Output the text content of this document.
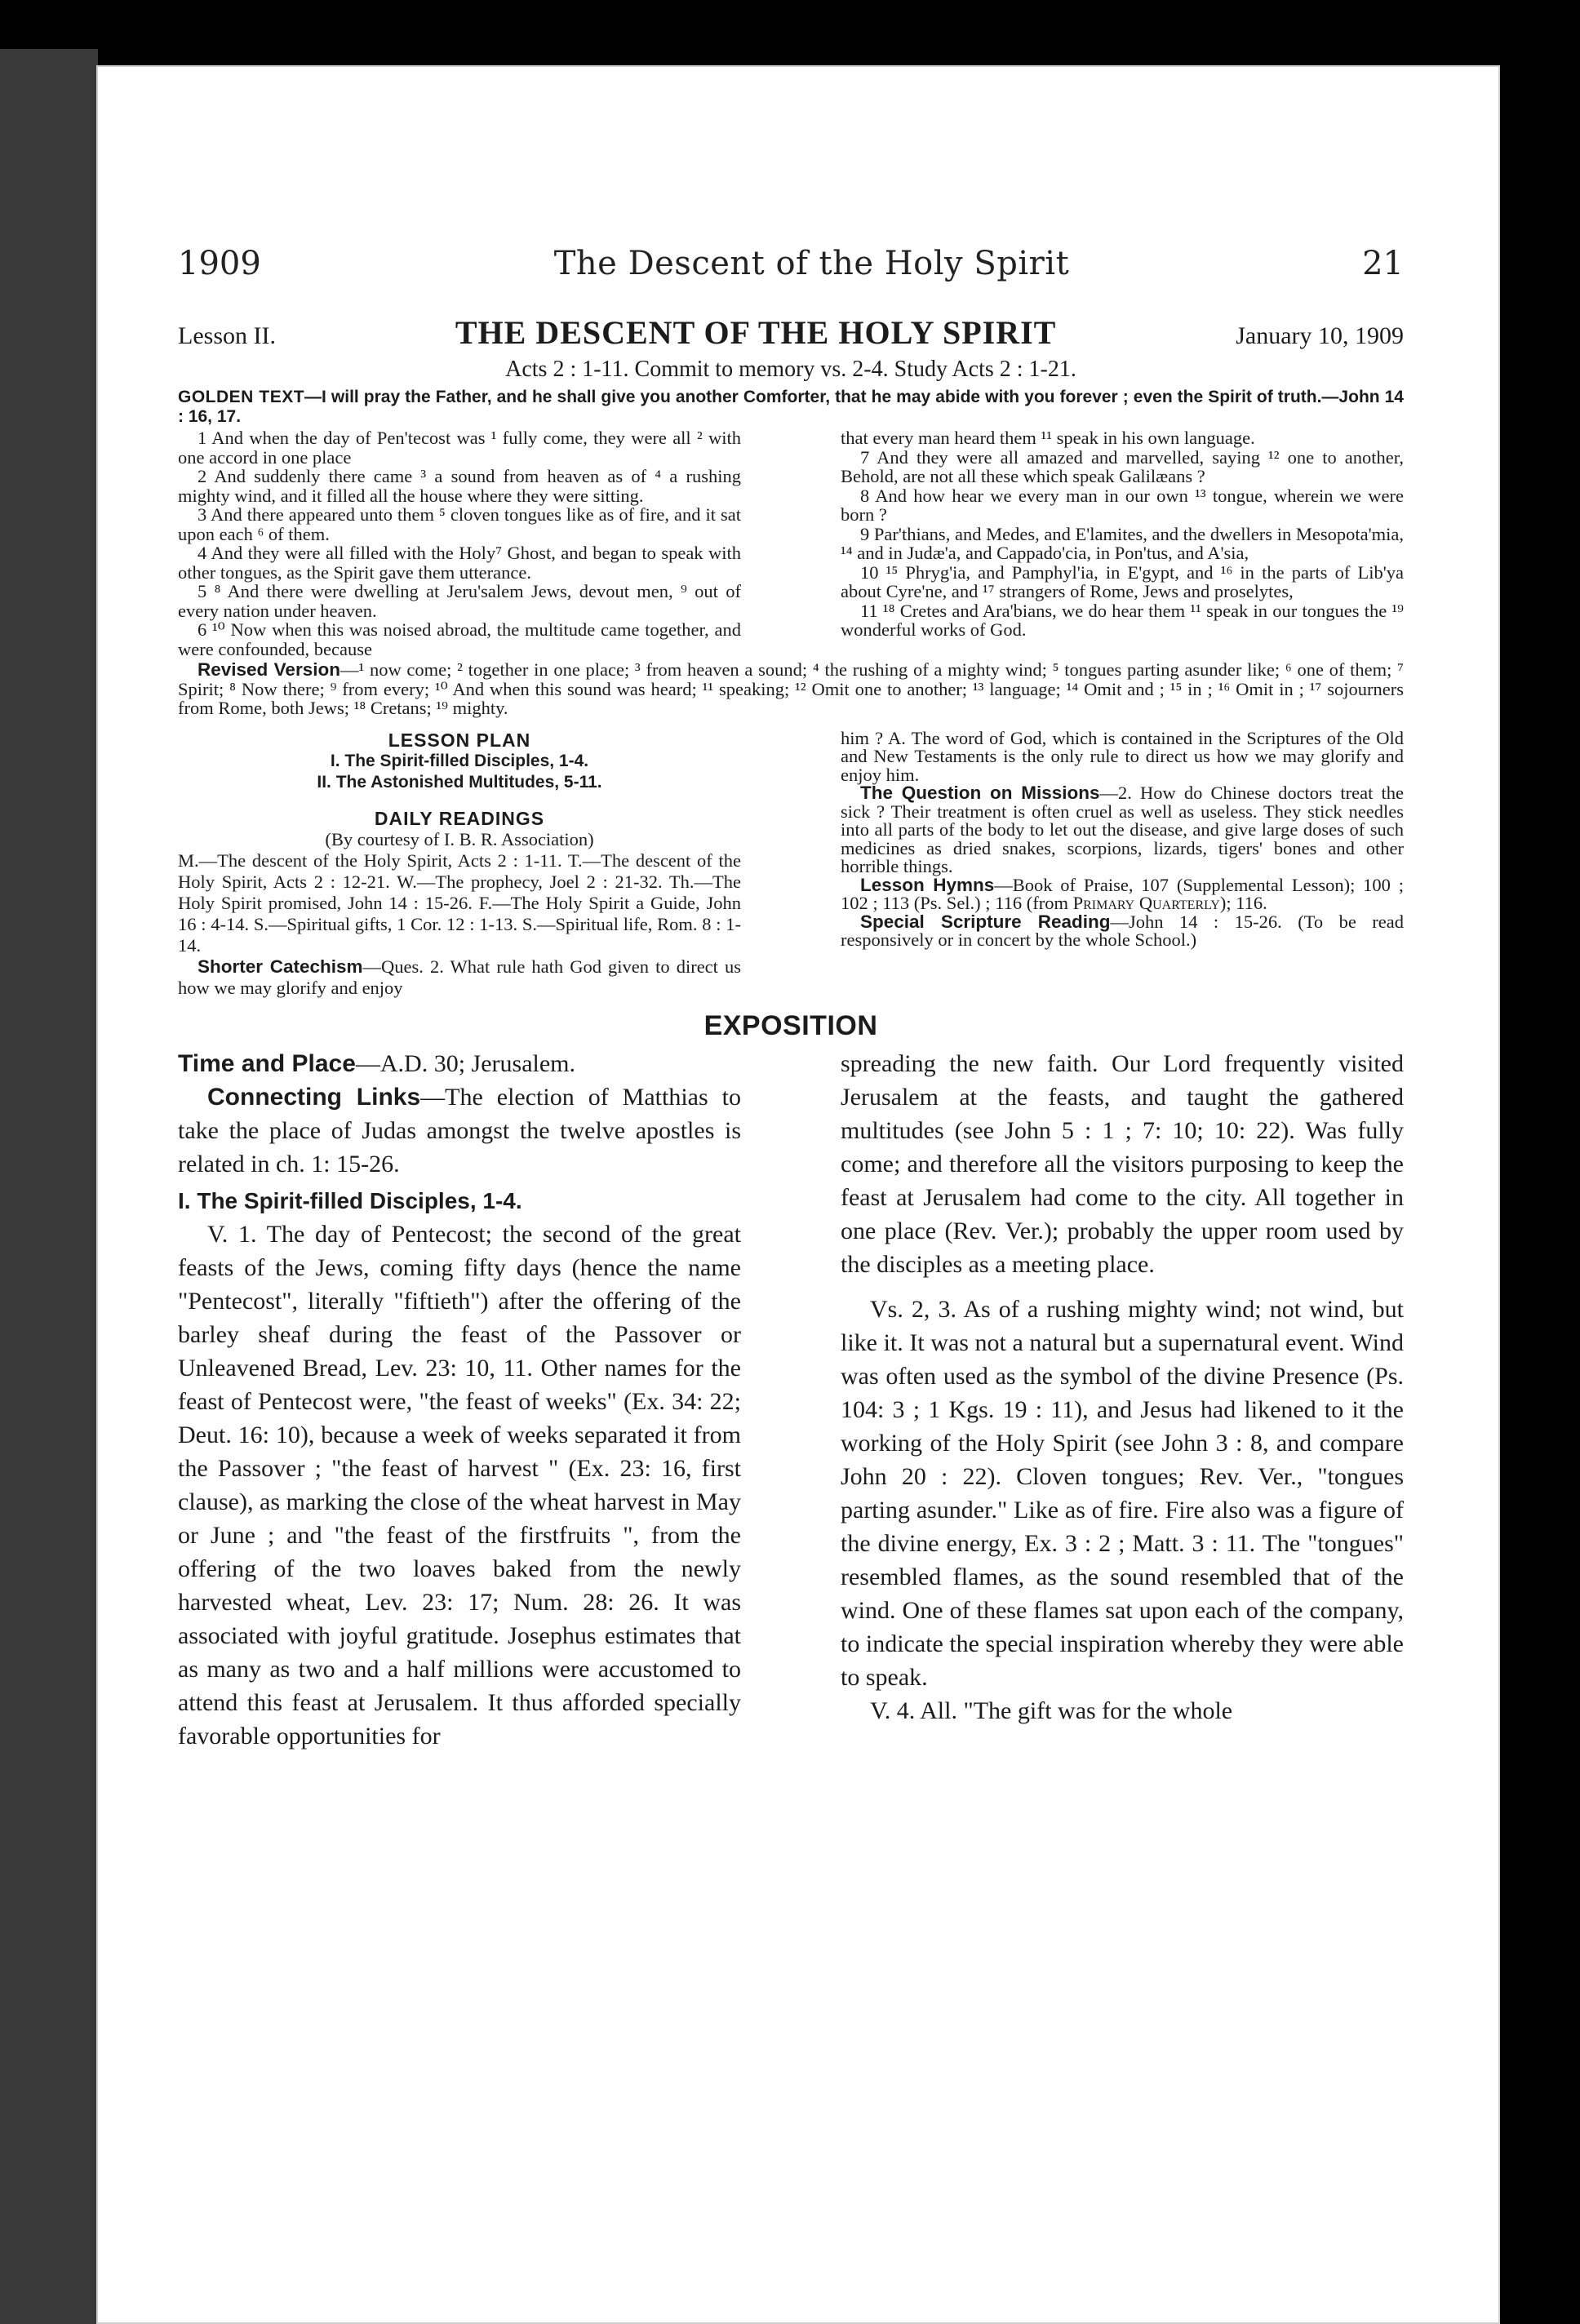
1909	The Descent of the Holy Spirit	21
Lesson II.	THE DESCENT OF THE HOLY SPIRIT	January 10, 1909
Acts 2 : 1-11. Commit to memory vs. 2-4. Study Acts 2 : 1-21.
GOLDEN TEXT—I will pray the Father, and he shall give you another Comforter, that he may abide with you forever ; even the Spirit of truth.—John 14 : 16, 17.

1 And when the day of Pen'tecost was ¹ fully come, they were all ² with one accord in one place

2 And suddenly there came ³ a sound from heaven as of ⁴ a rushing mighty wind, and it filled all the house where they were sitting.

3 And there appeared unto them ⁵ cloven tongues like as of fire, and it sat upon each ⁶ of them.

4 And they were all filled with the Holy⁷ Ghost, and began to speak with other tongues, as the Spirit gave them utterance.

5 ⁸ And there were dwelling at Jeru'salem Jews, devout men, ⁹ out of every nation under heaven.

6 ¹⁰ Now when this was noised abroad, the multitude came together, and were confounded, because

that every man heard them ¹¹ speak in his own language.

7 And they were all amazed and marvelled, saying ¹² one to another, Behold, are not all these which speak Galilæans ?

8 And how hear we every man in our own ¹³ tongue, wherein we were born ?

9 Par'thians, and Medes, and E'lamites, and the dwellers in Mesopota'mia, ¹⁴ and in Judæ'a, and Cappado'cia, in Pon'tus, and A'sia,

10 ¹⁵ Phryg'ia, and Pamphyl'ia, in E'gypt, and ¹⁶ in the parts of Lib'ya about Cyre'ne, and ¹⁷ strangers of Rome, Jews and proselytes,

11 ¹⁸ Cretes and Ara'bians, we do hear them ¹¹ speak in our tongues the ¹⁹ wonderful works of God.

Revised Version—¹ now come; ² together in one place; ³ from heaven a sound; ⁴ the rushing of a mighty wind; ⁵ tongues parting asunder like; ⁶ one of them; ⁷ Spirit; ⁸ Now there; ⁹ from every; ¹⁰ And when this sound was heard; ¹¹ speaking; ¹² Omit one to another; ¹³ language; ¹⁴ Omit and ; ¹⁵ in ; ¹⁶ Omit in ; ¹⁷ sojourners from Rome, both Jews; ¹⁸ Cretans; ¹⁹ mighty.
LESSON PLAN
I. The Spirit-filled Disciples, 1-4.
II. The Astonished Multitudes, 5-11.
DAILY READINGS
(By courtesy of I. B. R. Association)

M.—The descent of the Holy Spirit, Acts 2 : 1-11. T.—The descent of the Holy Spirit, Acts 2 : 12-21. W.—The prophecy, Joel 2 : 21-32. Th.—The Holy Spirit promised, John 14 : 15-26. F.—The Holy Spirit a Guide, John 16 : 4-14. S.—Spiritual gifts, 1 Cor. 12 : 1-13. S.—Spiritual life, Rom. 8 : 1-14.

Shorter Catechism—Ques. 2. What rule hath God given to direct us how we may glorify and enjoy

him ? A. The word of God, which is contained in the Scriptures of the Old and New Testaments is the only rule to direct us how we may glorify and enjoy him.

The Question on Missions—2. How do Chinese doctors treat the sick ? Their treatment is often cruel as well as useless. They stick needles into all parts of the body to let out the disease, and give large doses of such medicines as dried snakes, scorpions, lizards, tigers' bones and other horrible things.

Lesson Hymns—Book of Praise, 107 (Supplemental Lesson); 100 ; 102 ; 113 (Ps. Sel.) ; 116 (from Primary Quarterly); 116.

Special Scripture Reading—John 14 : 15-26. (To be read responsively or in concert by the whole School.)

EXPOSITION

Time and Place—A.D. 30; Jerusalem.

Connecting Links—The election of Matthias to take the place of Judas amongst the twelve apostles is related in ch. 1: 15-26.

I. The Spirit-filled Disciples, 1-4.

V. 1. The day of Pentecost; the second of the great feasts of the Jews, coming fifty days (hence the name "Pentecost", literally "fiftieth") after the offering of the barley sheaf during the feast of the Passover or Unleavened Bread, Lev. 23: 10, 11. Other names for the feast of Pentecost were, "the feast of weeks" (Ex. 34: 22; Deut. 16: 10), because a week of weeks separated it from the Passover ; "the feast of harvest " (Ex. 23: 16, first clause), as marking the close of the wheat harvest in May or June ; and "the feast of the firstfruits ", from the offering of the two loaves baked from the newly harvested wheat, Lev. 23: 17; Num. 28: 26. It was associated with joyful gratitude. Josephus estimates that as many as two and a half millions were accustomed to attend this feast at Jerusalem. It thus afforded specially favorable opportunities for

spreading the new faith. Our Lord frequently visited Jerusalem at the feasts, and taught the gathered multitudes (see John 5 : 1 ; 7: 10; 10: 22). Was fully come; and therefore all the visitors purposing to keep the feast at Jerusalem had come to the city. All together in one place (Rev. Ver.); probably the upper room used by the disciples as a meeting place.

Vs. 2, 3. As of a rushing mighty wind; not wind, but like it. It was not a natural but a supernatural event. Wind was often used as the symbol of the divine Presence (Ps. 104: 3 ; 1 Kgs. 19 : 11), and Jesus had likened to it the working of the Holy Spirit (see John 3 : 8, and compare John 20 : 22). Cloven tongues; Rev. Ver., "tongues parting asunder." Like as of fire. Fire also was a figure of the divine energy, Ex. 3 : 2 ; Matt. 3 : 11. The "tongues" resembled flames, as the sound resembled that of the wind. One of these flames sat upon each of the company, to indicate the special inspiration whereby they were able to speak.

V. 4. All. "The gift was for the whole
